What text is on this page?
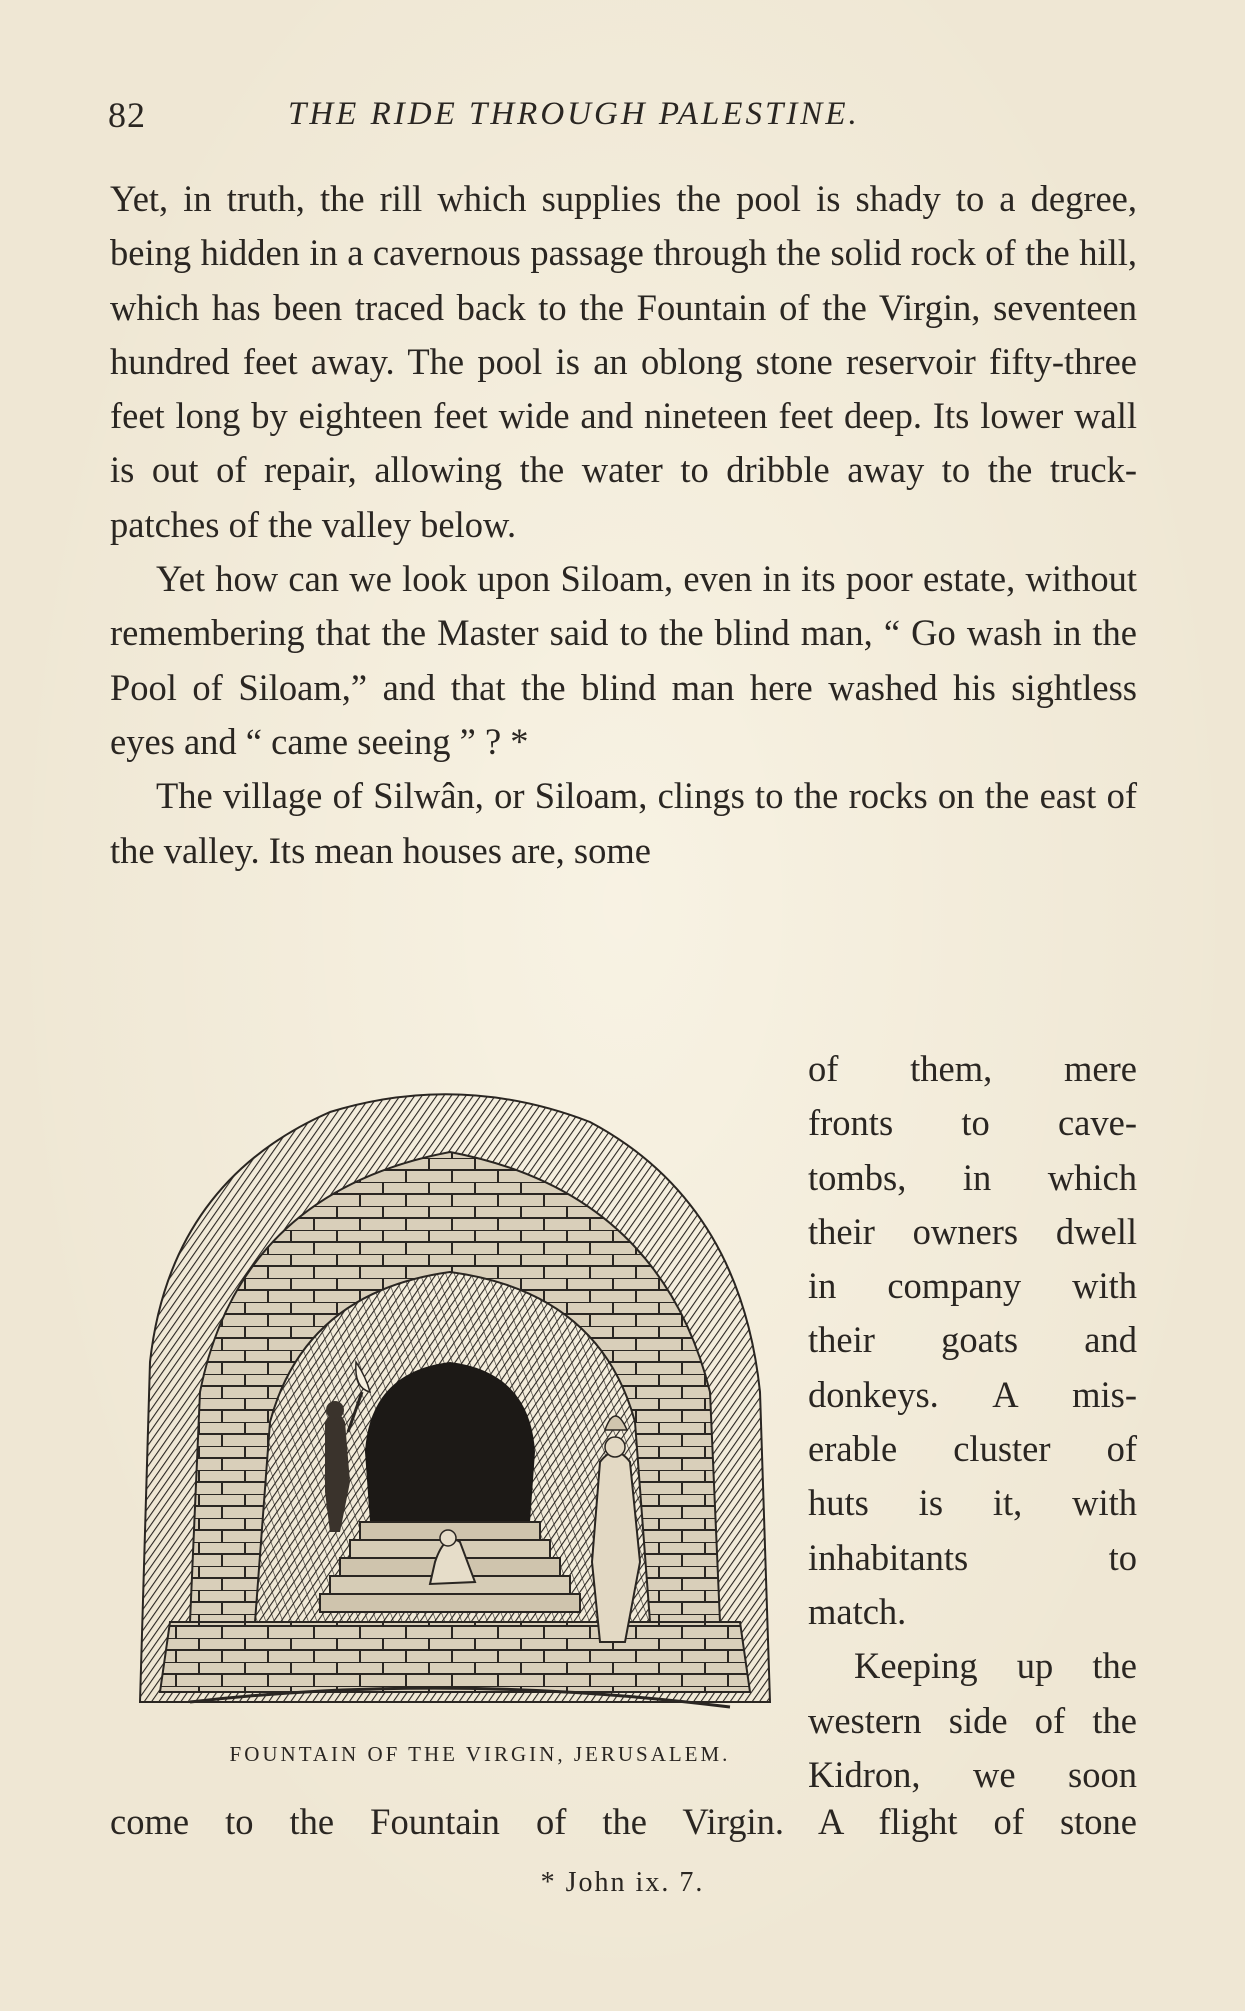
82	THE RIDE THROUGH PALESTINE.

Yet, in truth, the rill which supplies the pool is shady to a degree, being hidden in a cavernous passage through the solid rock of the hill, which has been traced back to the Fountain of the Virgin, seventeen hundred feet away. The pool is an oblong stone reservoir fifty-three feet long by eighteen feet wide and nineteen feet deep. Its lower wall is out of repair, allowing the water to dribble away to the truck-patches of the valley below.

Yet how can we look upon Siloam, even in its poor estate, without remembering that the Master said to the blind man, “ Go wash in the Pool of Siloam,” and that the blind man here washed his sightless eyes and “ came seeing ” ? *

The village of Silwân, or Siloam, clings to the rocks on the east of the valley. Its mean houses are, some

of them, mere
fronts to cave-
tombs, in which
their owners dwell
in company with
their goats and
donkeys. A mis-
erable cluster of
huts is it, with
inhabitants to
match.
Keeping up the
western side of the
Kidron, we soon
FOUNTAIN OF THE VIRGIN, JERUSALEM.
come to the Fountain of the Virgin. A flight of stone
* John ix. 7.
